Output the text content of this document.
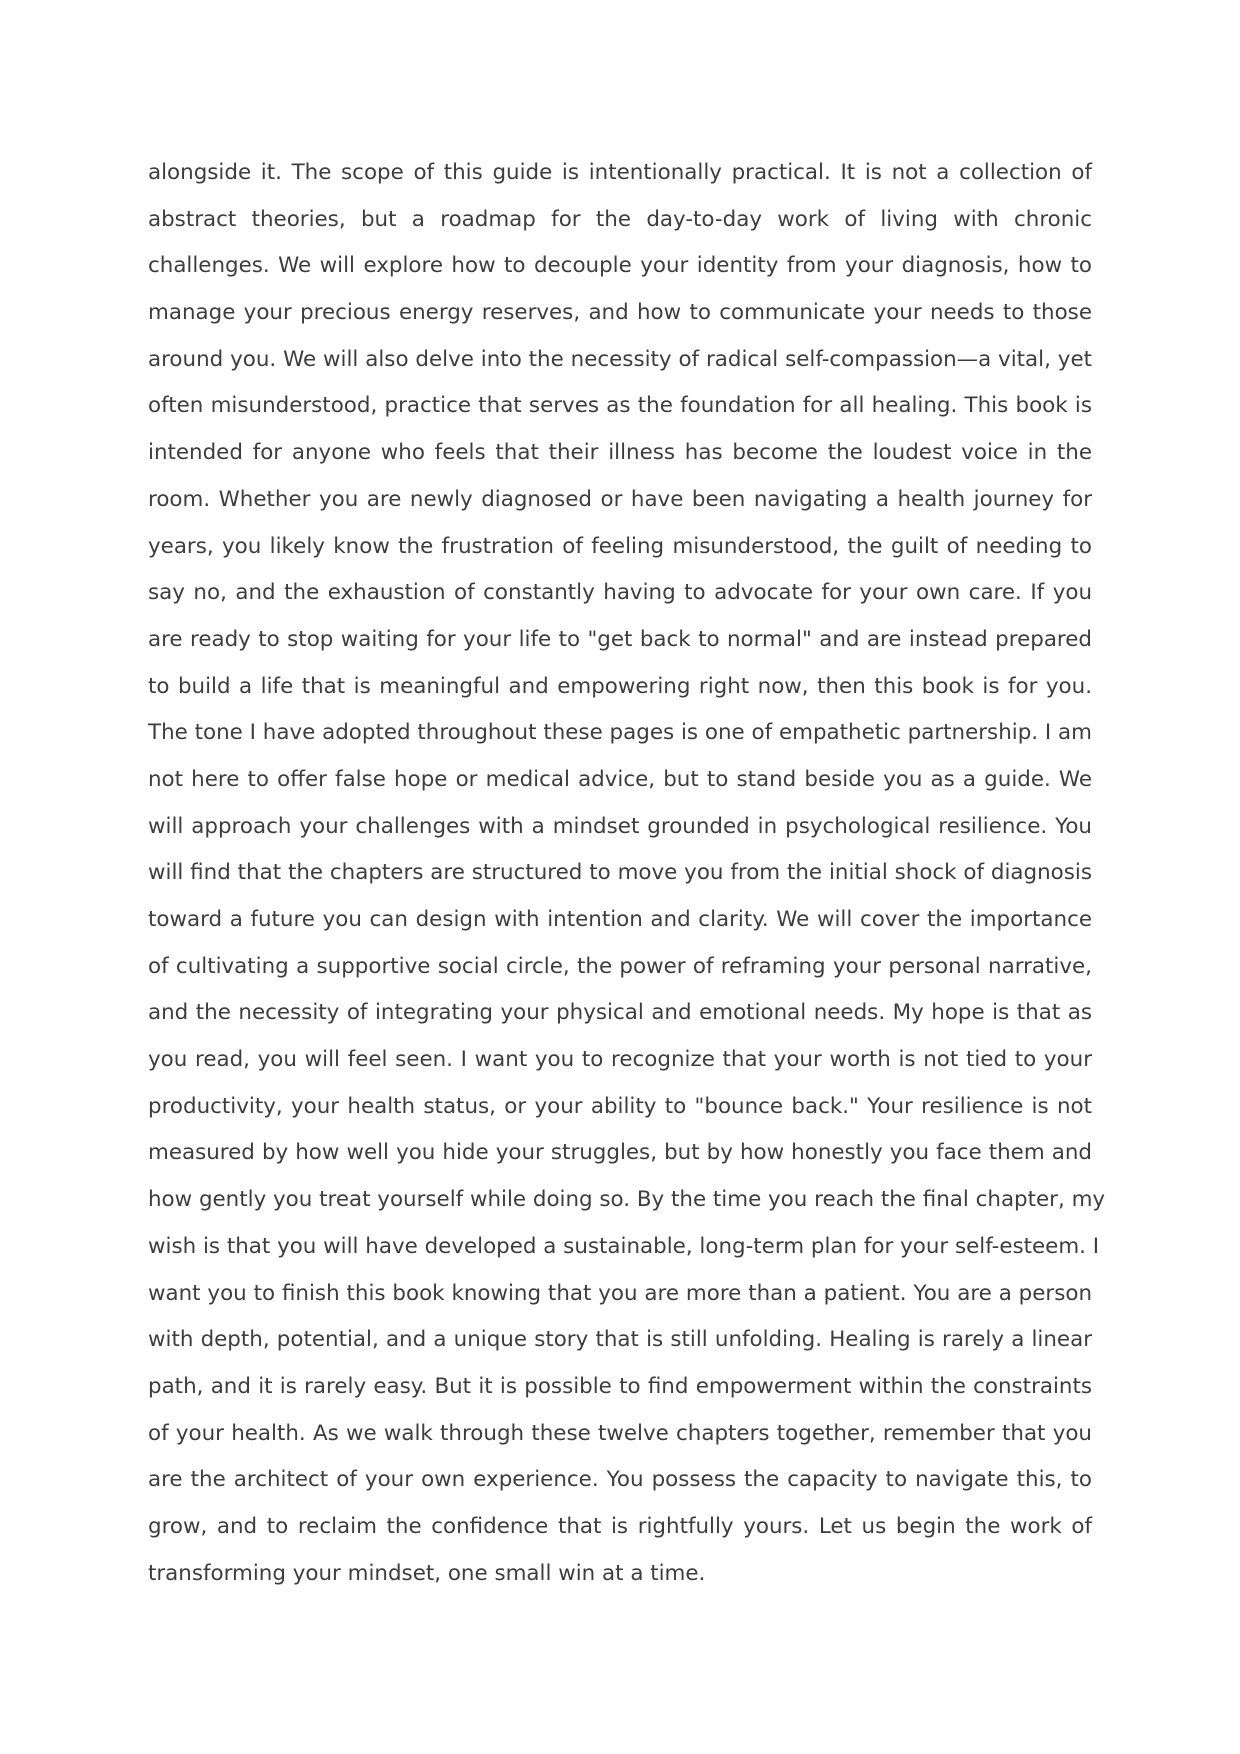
alongside it. The scope of this guide is intentionally practical. It is not a collection of
abstract theories, but a roadmap for the day-to-day work of living with chronic
challenges. We will explore how to decouple your identity from your diagnosis, how to
manage your precious energy reserves, and how to communicate your needs to those
around you. We will also delve into the necessity of radical self-compassion—a vital, yet
often misunderstood, practice that serves as the foundation for all healing. This book is
intended for anyone who feels that their illness has become the loudest voice in the
room. Whether you are newly diagnosed or have been navigating a health journey for
years, you likely know the frustration of feeling misunderstood, the guilt of needing to
say no, and the exhaustion of constantly having to advocate for your own care. If you
are ready to stop waiting for your life to "get back to normal" and are instead prepared
to build a life that is meaningful and empowering right now, then this book is for you.
The tone I have adopted throughout these pages is one of empathetic partnership. I am
not here to offer false hope or medical advice, but to stand beside you as a guide. We
will approach your challenges with a mindset grounded in psychological resilience. You
will find that the chapters are structured to move you from the initial shock of diagnosis
toward a future you can design with intention and clarity. We will cover the importance
of cultivating a supportive social circle, the power of reframing your personal narrative,
and the necessity of integrating your physical and emotional needs. My hope is that as
you read, you will feel seen. I want you to recognize that your worth is not tied to your
productivity, your health status, or your ability to "bounce back." Your resilience is not
measured by how well you hide your struggles, but by how honestly you face them and
how gently you treat yourself while doing so. By the time you reach the final chapter, my
wish is that you will have developed a sustainable, long-term plan for your self-esteem. I
want you to finish this book knowing that you are more than a patient. You are a person
with depth, potential, and a unique story that is still unfolding. Healing is rarely a linear
path, and it is rarely easy. But it is possible to find empowerment within the constraints
of your health. As we walk through these twelve chapters together, remember that you
are the architect of your own experience. You possess the capacity to navigate this, to
grow, and to reclaim the confidence that is rightfully yours. Let us begin the work of
transforming your mindset, one small win at a time.
